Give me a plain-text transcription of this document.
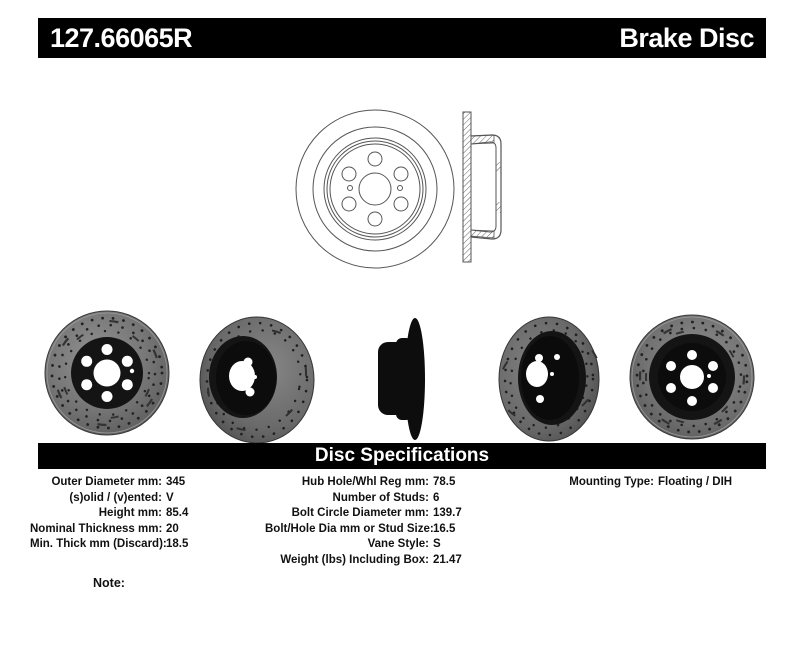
127.66065R	Brake Disc
Disc Specifications
Outer Diameter mm: 345
(s)olid / (v)ented: V
Height mm: 85.4
Nominal Thickness mm: 20
Min. Thick mm (Discard): 18.5
Hub Hole/Whl Reg mm: 78.5
Number of Studs: 6
Bolt Circle Diameter mm: 139.7
Bolt/Hole Dia mm or Stud Size: 16.5
Vane Style: S
Weight (lbs) Including Box: 21.47
Mounting Type: Floating / DIH
Note:
